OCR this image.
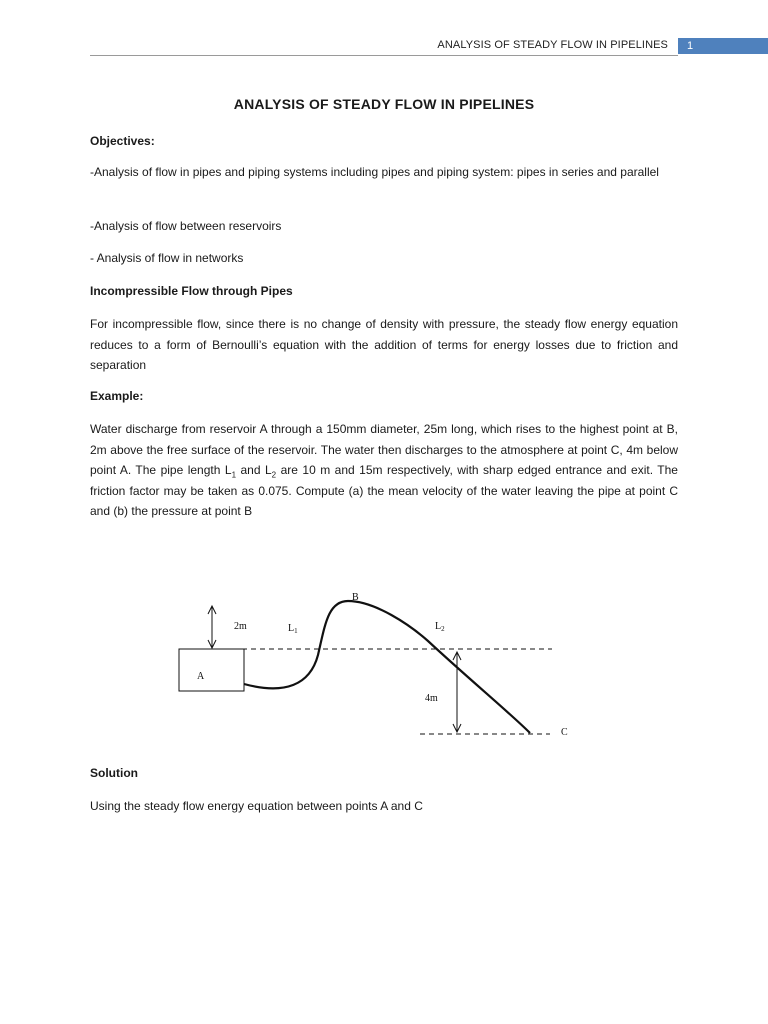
ANALYSIS OF STEADY FLOW IN PIPELINES	1
ANALYSIS OF STEADY FLOW IN PIPELINES

Objectives:

-Analysis of flow in pipes and piping systems including pipes and piping system: pipes in series and parallel

-Analysis of flow between reservoirs

- Analysis of flow in networks

Incompressible Flow through Pipes

For incompressible flow, since there is no change of density with pressure, the steady flow energy equation reduces to a form of Bernoulli’s equation with the addition of terms for energy losses due to friction and separation

Example:

Water discharge from reservoir A through a 150mm diameter, 25m long, which rises to the highest point at B, 2m above the free surface of the reservoir. The water then discharges to the atmosphere at point C, 4m below point A. The pipe length $L_1$ and $L_2$ are 10 m and 15m respectively, with sharp edged entrance and exit. The friction factor may be taken as 0.075. Compute (a) the mean velocity of the water leaving the pipe at point C and (b) the pressure at point B

B
2m	$L_1$	$L_2$
A
4m
C

Solution

Using the steady flow energy equation between points A and C
